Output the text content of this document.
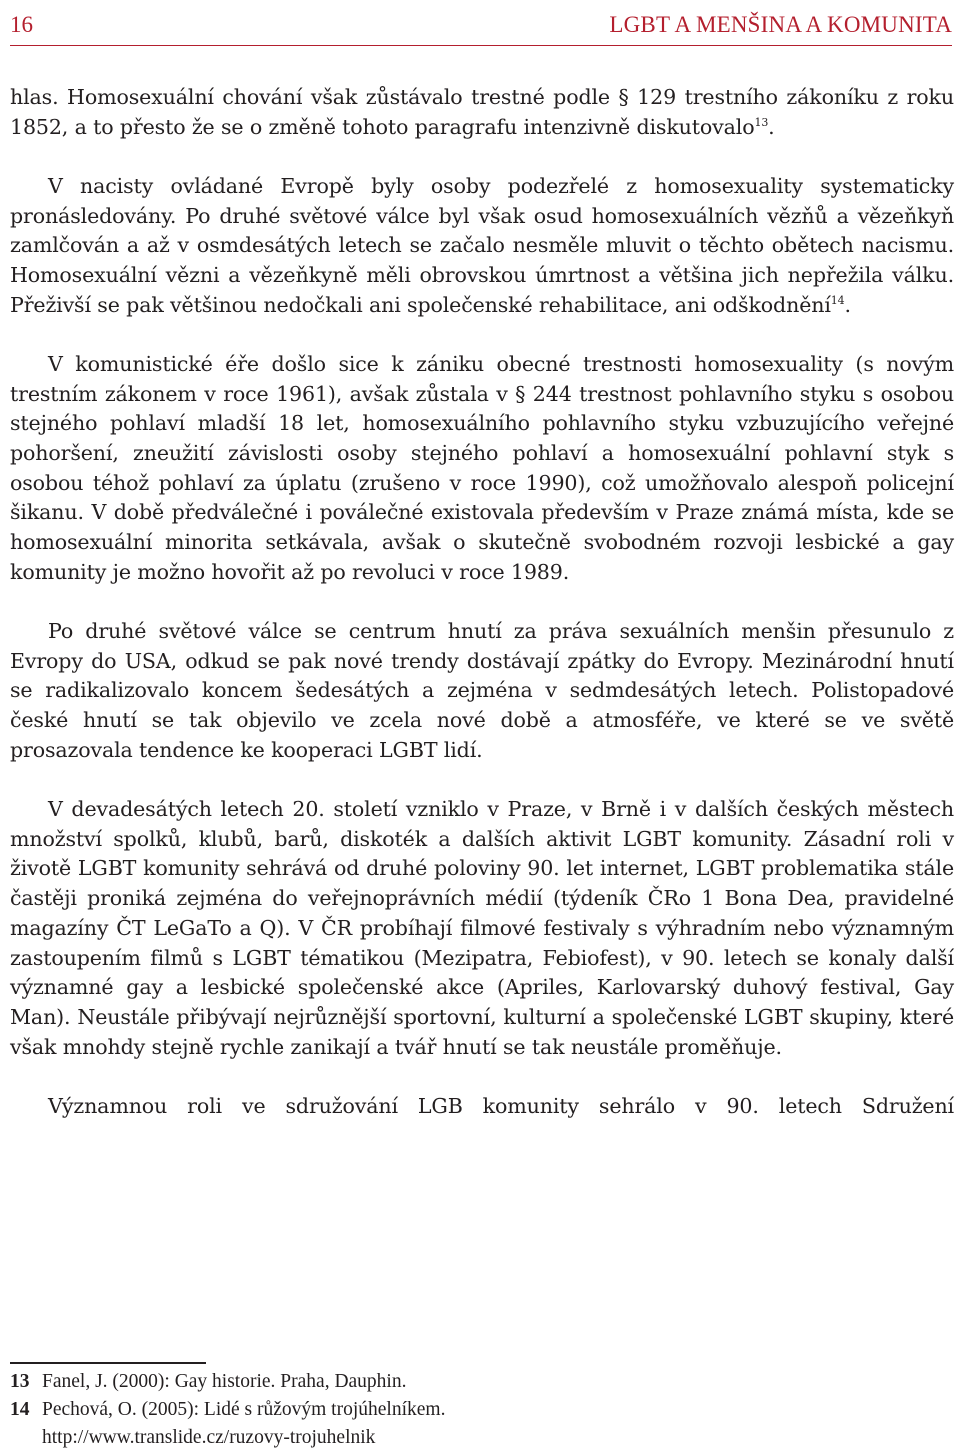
16	LGBT A MENŠINA A KOMUNITA

hlas. Homosexuální chování však zůstávalo trestné podle § 129 trestního zákoníku z roku 1852, a to přesto že se o změně tohoto paragrafu intenzivně diskutovalo$^{13}$.

V nacisty ovládané Evropě byly osoby podezřelé z homosexuality systematicky pronásledovány. Po druhé světové válce byl však osud homosexuálních vězňů a vězeňkyň zamlčován a až v osmdesátých letech se začalo nesměle mluvit o těchto obětech nacismu. Homosexuální vězni a vězeňkyně měli obrovskou úmrtnost a většina jich nepřežila válku. Přeživší se pak většinou nedočkali ani společenské rehabilitace, ani odškodnění$^{14}$.

V komunistické éře došlo sice k zániku obecné trestnosti homosexuality (s novým trestním zákonem v roce 1961), avšak zůstala v § 244 trestnost pohlavního styku s osobou stejného pohlaví mladší 18 let, homosexuálního pohlavního styku vzbuzujícího veřejné pohoršení, zneužití závislosti osoby stejného pohlaví a homosexuální pohlavní styk s osobou téhož pohlaví za úplatu (zrušeno v roce 1990), což umožňovalo alespoň policejní šikanu. V době předválečné i poválečné existovala především v Praze známá místa, kde se homosexuální minorita setkávala, avšak o skutečně svobodném rozvoji lesbické a gay komunity je možno hovořit až po revoluci v roce 1989.

Po druhé světové válce se centrum hnutí za práva sexuálních menšin přesunulo z Evropy do USA, odkud se pak nové trendy dostávají zpátky do Evropy. Mezinárodní hnutí se radikalizovalo koncem šedesátých a zejména v sedmdesátých letech. Polistopadové české hnutí se tak objevilo ve zcela nové době a atmosféře, ve které se ve světě prosazovala tendence ke kooperaci LGBT lidí.

V devadesátých letech 20. století vzniklo v Praze, v Brně i v dalších českých městech množství spolků, klubů, barů, diskoték a dalších aktivit LGBT komunity. Zásadní roli v životě LGBT komunity sehrává od druhé poloviny 90. let internet, LGBT problematika stále častěji proniká zejména do veřejnoprávních médií (týdeník ČRo 1 Bona Dea, pravidelné magazíny ČT LeGaTo a Q). V ČR probíhají filmové festivaly s výhradním nebo významným zastoupením filmů s LGBT tématikou (Mezipatra, Febiofest), v 90. letech se konaly další významné gay a lesbické společenské akce (Apriles, Karlovarský duhový festival, Gay Man). Neustále přibývají nejrůznější sportovní, kulturní a společenské LGBT skupiny, které však mnohdy stejně rychle zanikají a tvář hnutí se tak neustále proměňuje.

Významnou roli ve sdružování LGB komunity sehrálo v 90. letech Sdružení

13 Fanel, J. (2000): Gay historie. Praha, Dauphin.
14 Pechová, O. (2005): Lidé s růžovým trojúhelníkem.
http://www.translide.cz/ruzovy-trojuhelnik
